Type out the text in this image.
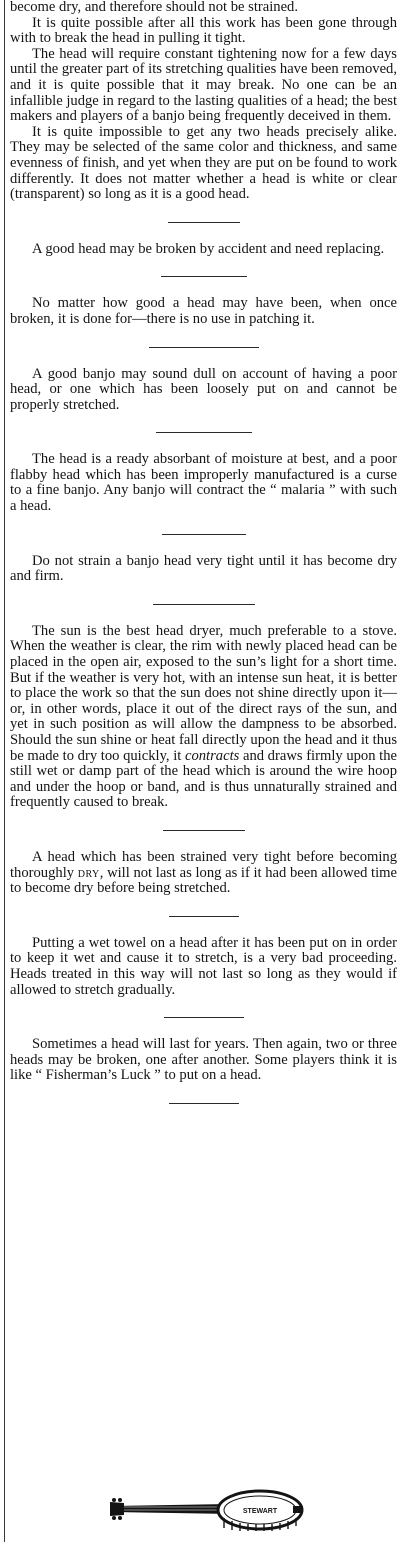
become dry, and therefore should not be strained.

It is quite possible after all this work has been gone through with to break the head in pulling it tight.

The head will require constant tightening now for a few days until the greater part of its stretching qualities have been removed, and it is quite possible that it may break. No one can be an infallible judge in regard to the lasting qualities of a head; the best makers and players of a banjo being frequently deceived in them.

It is quite impossible to get any two heads precisely alike. They may be selected of the same color and thickness, and same evenness of finish, and yet when they are put on be found to work differently. It does not matter whether a head is white or clear (transparent) so long as it is a good head.

A good head may be broken by accident and need replacing.

No matter how good a head may have been, when once broken, it is done for—there is no use in patching it.

A good banjo may sound dull on account of having a poor head, or one which has been loosely put on and cannot be properly stretched.

The head is a ready absorbant of moisture at best, and a poor flabby head which has been improperly manufactured is a curse to a fine banjo. Any banjo will contract the “ malaria ” with such a head.

Do not strain a banjo head very tight until it has become dry and firm.

The sun is the best head dryer, much preferable to a stove. When the weather is clear, the rim with newly placed head can be placed in the open air, exposed to the sun’s light for a short time. But if the weather is very hot, with an intense sun heat, it is better to place the work so that the sun does not shine directly upon it—or, in other words, place it out of the direct rays of the sun, and yet in such position as will allow the dampness to be absorbed. Should the sun shine or heat fall directly upon the head and it thus be made to dry too quickly, it contracts and draws firmly upon the still wet or damp part of the head which is around the wire hoop and under the hoop or band, and is thus unnaturally strained and frequently caused to break.

A head which has been strained very tight before becoming thoroughly dry, will not last as long as if it had been allowed time to become dry before being stretched.

Putting a wet towel on a head after it has been put on in order to keep it wet and cause it to stretch, is a very bad proceeding. Heads treated in this way will not last so long as they would if allowed to stretch gradually.

Sometimes a head will last for years. Then again, two or three heads may be broken, one after another. Some players think it is like “ Fisherman’s Luck ” to put on a head.

STEWART
